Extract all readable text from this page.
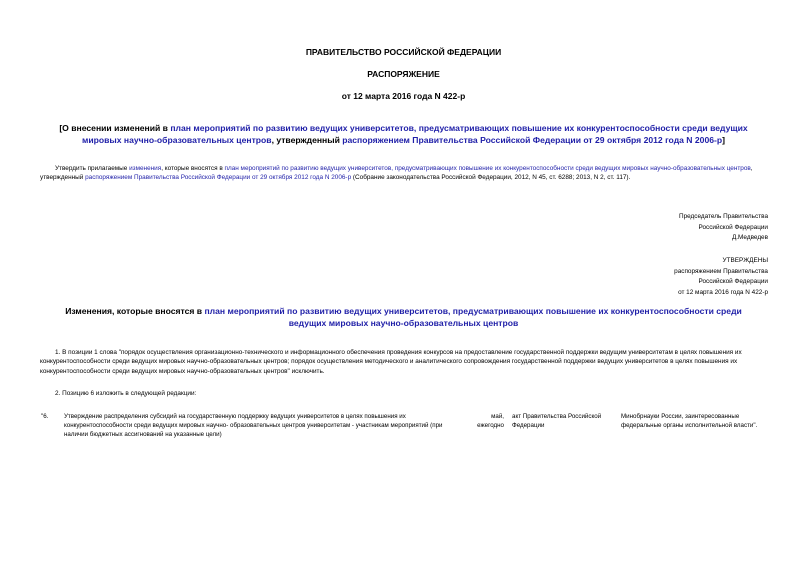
ПРАВИТЕЛЬСТВО РОССИЙСКОЙ ФЕДЕРАЦИИ
РАСПОРЯЖЕНИЕ
от 12 марта 2016 года N 422-р
[О внесении изменений в план мероприятий по развитию ведущих университетов, предусматривающих повышение их конкурентоспособности среди ведущих мировых научно-образовательных центров, утвержденный распоряжением Правительства Российской Федерации от 29 октября 2012 года N 2006-р]
Утвердить прилагаемые изменения, которые вносятся в план мероприятий по развитию ведущих университетов, предусматривающих повышение их конкурентоспособности среди ведущих мировых научно-образовательных центров, утвержденный распоряжением Правительства Российской Федерации от 29 октября 2012 года N 2006-р (Собрание законодательства Российской Федерации, 2012, N 45, ст. 6288; 2013, N 2, ст. 117).
Председатель Правительства
Российской Федерации
Д.Медведев
УТВЕРЖДЕНЫ
распоряжением Правительства
Российской Федерации
от 12 марта 2016 года N 422-р
Изменения, которые вносятся в план мероприятий по развитию ведущих университетов, предусматривающих повышение их конкурентоспособности среди ведущих мировых научно-образовательных центров
1. В позиции 1 слова "порядок осуществления организационно-технического и информационного обеспечения проведения конкурсов на предоставление государственной поддержки ведущим университетам в целях повышения их конкурентоспособности среди ведущих мировых научно-образовательных центров; порядок осуществления методического и аналитического сопровождения государственной поддержки ведущих университетов в целях повышения их конкурентоспособности среди ведущих мировых научно-образовательных центров" исключить.
2. Позицию 6 изложить в следующей редакции:
"6.	Утверждение распределения субсидий на государственную поддержку ведущих университетов в целях повышения их конкурентоспособности среди ведущих мировых научно- образовательных центров университетам - участникам мероприятий (при наличии бюджетных ассигнований на указанные цели)
май, ежегодно
акт Правительства Российской Федерации
Минобрнауки России, заинтересованные федеральные органы исполнительной власти".
